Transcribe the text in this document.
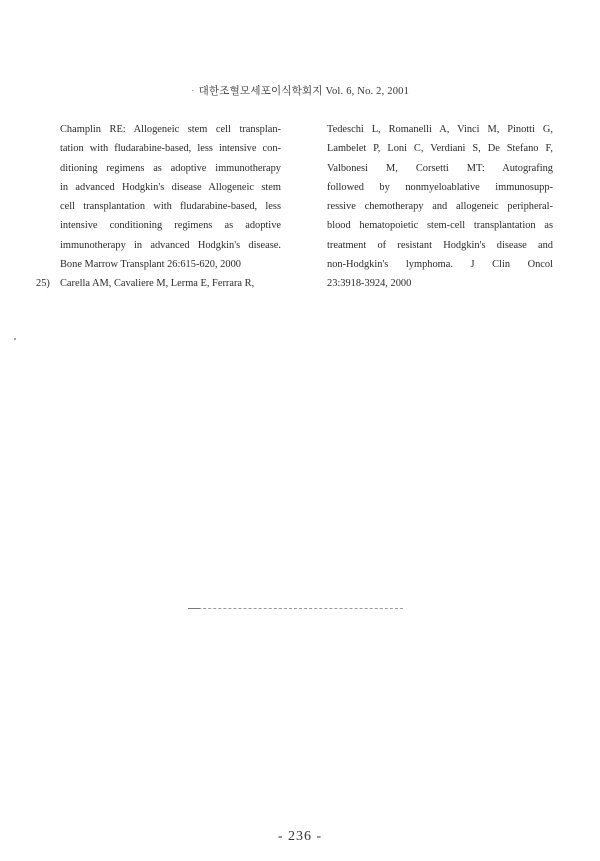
· 대한조혈모세포이식학회지 Vol. 6, No. 2, 2001
Champlin RE: Allogeneic stem cell transplan-
tation with fludarabine-based, less intensive con-
ditioning regimens as adoptive immunotherapy
in advanced Hodgkin's disease Allogeneic stem
cell transplantation with fludarabine-based, less
intensive conditioning regimens as adoptive
immunotherapy in advanced Hodgkin's disease.
Bone Marrow Transplant 26:615-620, 2000
25) Carella AM, Cavaliere M, Lerma E, Ferrara R,
Tedeschi L, Romanelli A, Vinci M, Pinotti G,
Lambelet P, Loni C, Verdiani S, De Stefano F,
Valbonesi M, Corsetti MT: Autografing
followed by nonmyeloablative immunosupp-
ressive chemotherapy and allogeneic peripheral-
blood hematopoietic stem-cell transplantation as
treatment of resistant Hodgkin's disease and
non-Hodgkin's lymphoma. J Clin Oncol
23:3918-3924, 2000
- 236 -
